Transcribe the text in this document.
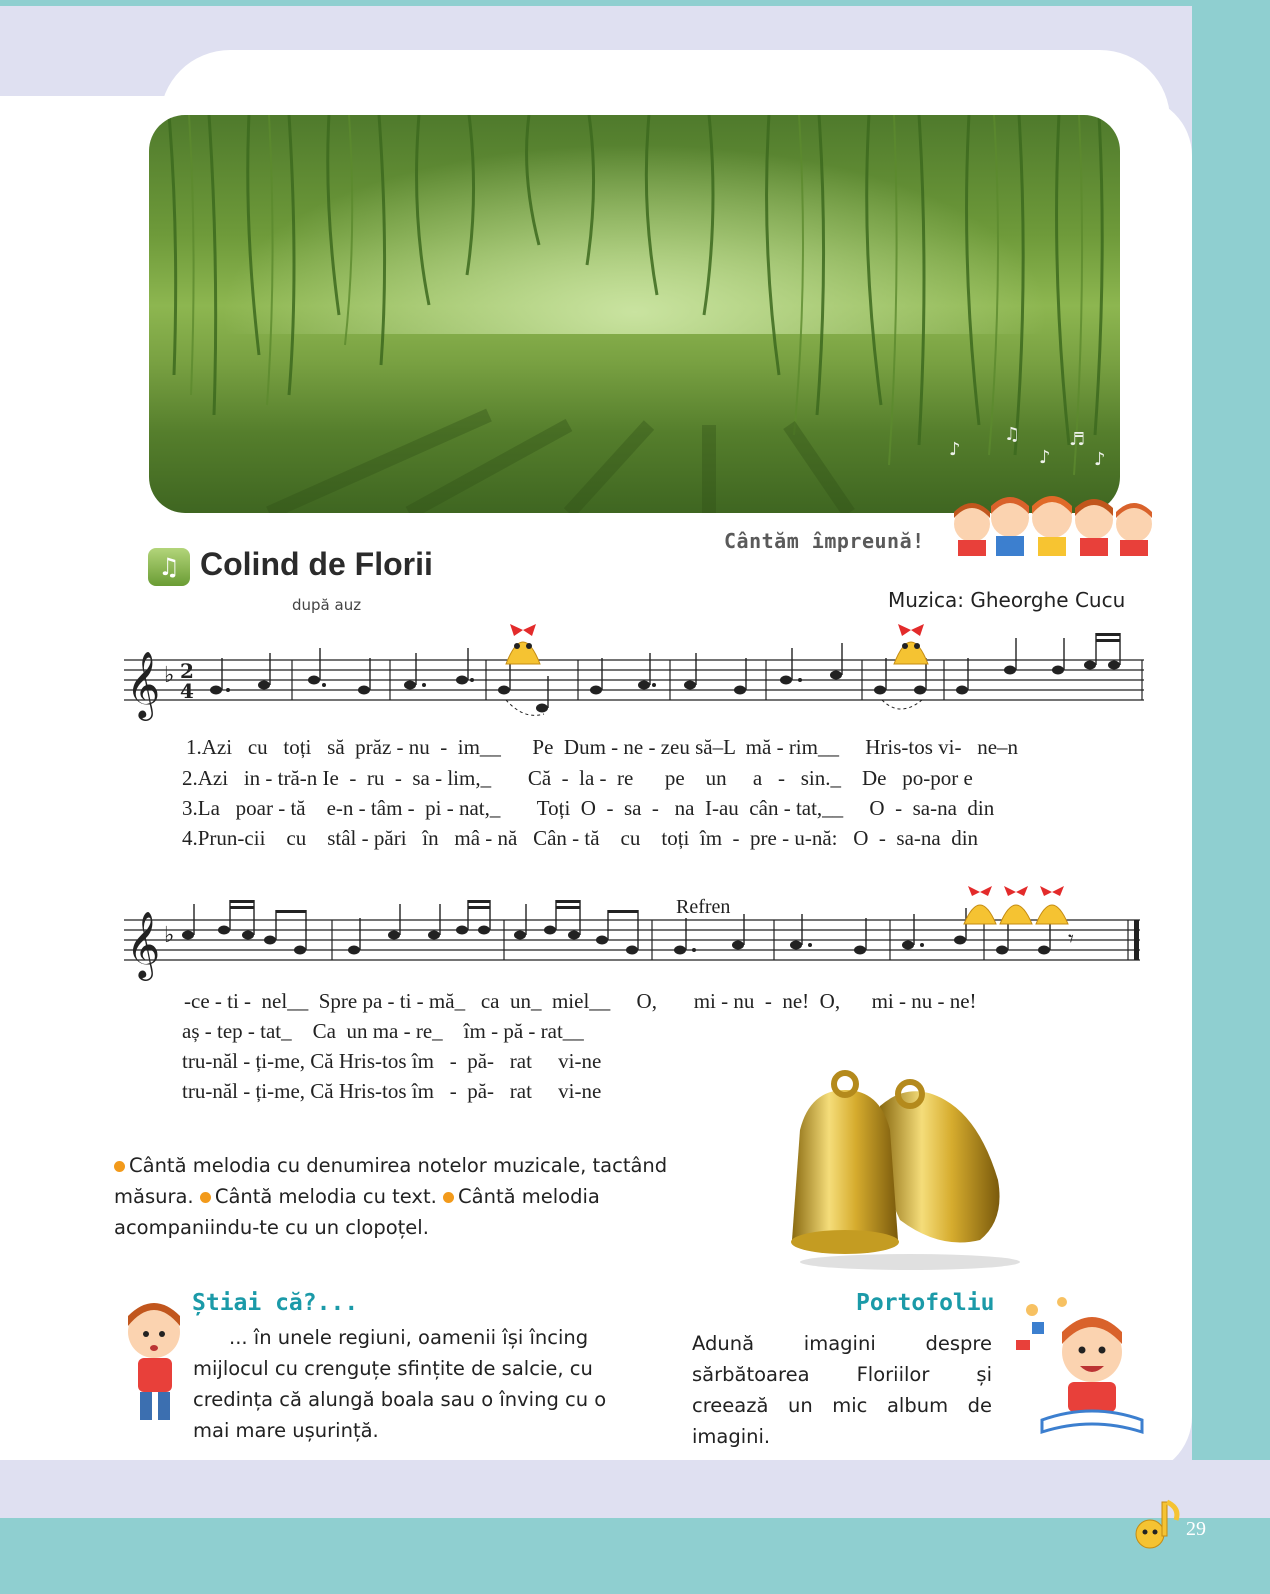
♪
♫
♪
♬
♪
Cântăm împreună!
♫ Colind de Florii
după auz	Muzica: Gheorghe Cucu
𝄞 ♭ 2
4
1.Azi   cu   toți   să  prăz - nu  -  im__      Pe  Dum - ne - zeu să–L  mă - rim__     Hris-tos vi-   ne–n
2.Azi   in - tră-n Ie  -  ru  -  sa - lim,_       Că  -  la -  re      pe    un     a   -   sin._    De   po-por e
3.La   poar - tă    e-n - tâm -  pi - nat,_       Toți  O  -  sa  -   na  I-au  cân - tat,__     O  -  sa-na  din
4.Prun-cii    cu    stâl - pări   în   mâ - nă   Cân - tă    cu    toți  îm  -  pre - u-nă:   O  -  sa-na  din
Refren
𝄞 ♭	𝄾
-ce - ti -  nel__  Spre pa - ti - mă_   ca  un_  miel__     O,       mi - nu  -  ne!  O,      mi - nu - ne!
aș - tep - tat_    Ca  un ma - re_    îm - pă - rat__
tru-năl - ți-me, Că Hris-tos îm   -  pă-   rat     vi-ne
tru-năl - ți-me, Că Hris-tos îm   -  pă-   rat     vi-ne
Cântă melodia cu denumirea notelor muzicale, tactând măsura. Cântă melodia cu text. Cântă melodia acompaniindu-te cu un clopoțel.
Știai că?...
... în unele regiuni, oamenii își încing mijlocul cu crenguțe sfințite de salcie, cu credința că alungă boala sau o înving cu o mai mare ușurință.
Portofoliu
Adună imagini despre sărbătoarea Floriilor și creează un mic album de imagini.
29
